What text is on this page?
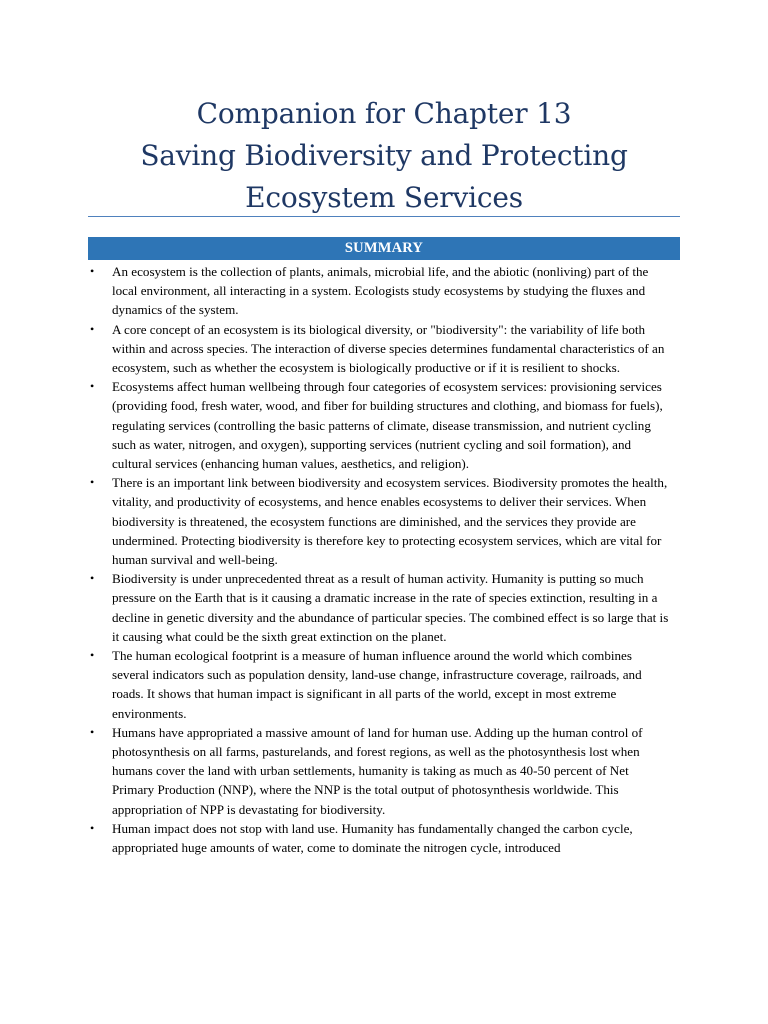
Companion for Chapter 13
Saving Biodiversity and Protecting
Ecosystem Services
SUMMARY
•	An ecosystem is the collection of plants, animals, microbial life, and the abiotic (nonliving) part of the local environment, all interacting in a system. Ecologists study ecosystems by studying the fluxes and dynamics of the system.
•	A core concept of an ecosystem is its biological diversity, or "biodiversity": the variability of life both within and across species. The interaction of diverse species determines fundamental characteristics of an ecosystem, such as whether the ecosystem is biologically productive or if it is resilient to shocks.
•	Ecosystems affect human wellbeing through four categories of ecosystem services: provisioning services (providing food, fresh water, wood, and fiber for building structures and clothing, and biomass for fuels), regulating services (controlling the basic patterns of climate, disease transmission, and nutrient cycling such as water, nitrogen, and oxygen), supporting services (nutrient cycling and soil formation), and cultural services (enhancing human values, aesthetics, and religion).
•	There is an important link between biodiversity and ecosystem services. Biodiversity promotes the health, vitality, and productivity of ecosystems, and hence enables ecosystems to deliver their services. When biodiversity is threatened, the ecosystem functions are diminished, and the services they provide are undermined. Protecting biodiversity is therefore key to protecting ecosystem services, which are vital for human survival and well-being.
•	Biodiversity is under unprecedented threat as a result of human activity. Humanity is putting so much pressure on the Earth that is it causing a dramatic increase in the rate of species extinction, resulting in a decline in genetic diversity and the abundance of particular species. The combined effect is so large that is it causing what could be the sixth great extinction on the planet.
•	The human ecological footprint is a measure of human influence around the world which combines several indicators such as population density, land-use change, infrastructure coverage, railroads, and roads. It shows that human impact is significant in all parts of the world, except in most extreme environments.
•	Humans have appropriated a massive amount of land for human use. Adding up the human control of photosynthesis on all farms, pasturelands, and forest regions, as well as the photosynthesis lost when humans cover the land with urban settlements, humanity is taking as much as 40-50 percent of Net Primary Production (NNP), where the NNP is the total output of photosynthesis worldwide. This appropriation of NPP is devastating for biodiversity.
•	Human impact does not stop with land use. Humanity has fundamentally changed the carbon cycle, appropriated huge amounts of water, come to dominate the nitrogen cycle, introduced
